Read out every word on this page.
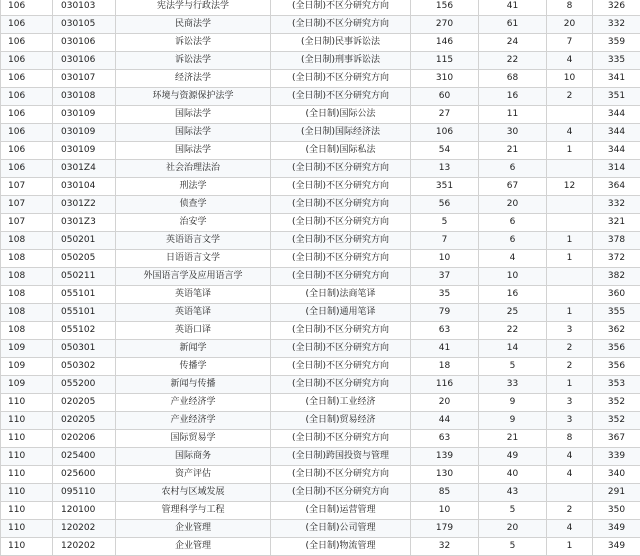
106	030103	宪法学与行政法学	(全日制)不区分研究方向	156	41	8	326
106	030105	民商法学	(全日制)不区分研究方向	270	61	20	332
106	030106	诉讼法学	(全日制)民事诉讼法	146	24	7	359
106	030106	诉讼法学	(全日制)刑事诉讼法	115	22	4	335
106	030107	经济法学	(全日制)不区分研究方向	310	68	10	341
106	030108	环境与资源保护法学	(全日制)不区分研究方向	60	16	2	351
106	030109	国际法学	(全日制)国际公法	27	11		344
106	030109	国际法学	(全日制)国际经济法	106	30	4	344
106	030109	国际法学	(全日制)国际私法	54	21	1	344
106	0301Z4	社会治理法治	(全日制)不区分研究方向	13	6		314
107	030104	刑法学	(全日制)不区分研究方向	351	67	12	364
107	0301Z2	侦查学	(全日制)不区分研究方向	56	20		332
107	0301Z3	治安学	(全日制)不区分研究方向	5	6		321
108	050201	英语语言文学	(全日制)不区分研究方向	7	6	1	378
108	050205	日语语言文学	(全日制)不区分研究方向	10	4	1	372
108	050211	外国语言学及应用语言学	(全日制)不区分研究方向	37	10		382
108	055101	英语笔译	(全日制)法商笔译	35	16		360
108	055101	英语笔译	(全日制)通用笔译	79	25	1	355
108	055102	英语口译	(全日制)不区分研究方向	63	22	3	362
109	050301	新闻学	(全日制)不区分研究方向	41	14	2	356
109	050302	传播学	(全日制)不区分研究方向	18	5	2	356
109	055200	新闻与传播	(全日制)不区分研究方向	116	33	1	353
110	020205	产业经济学	(全日制)工业经济	20	9	3	352
110	020205	产业经济学	(全日制)贸易经济	44	9	3	352
110	020206	国际贸易学	(全日制)不区分研究方向	63	21	8	367
110	025400	国际商务	(全日制)跨国投资与管理	139	49	4	339
110	025600	资产评估	(全日制)不区分研究方向	130	40	4	340
110	095110	农村与区域发展	(全日制)不区分研究方向	85	43		291
110	120100	管理科学与工程	(全日制)运营管理	10	5	2	350
110	120202	企业管理	(全日制)公司管理	179	20	4	349
110	120202	企业管理	(全日制)物流管理	32	5	1	349
